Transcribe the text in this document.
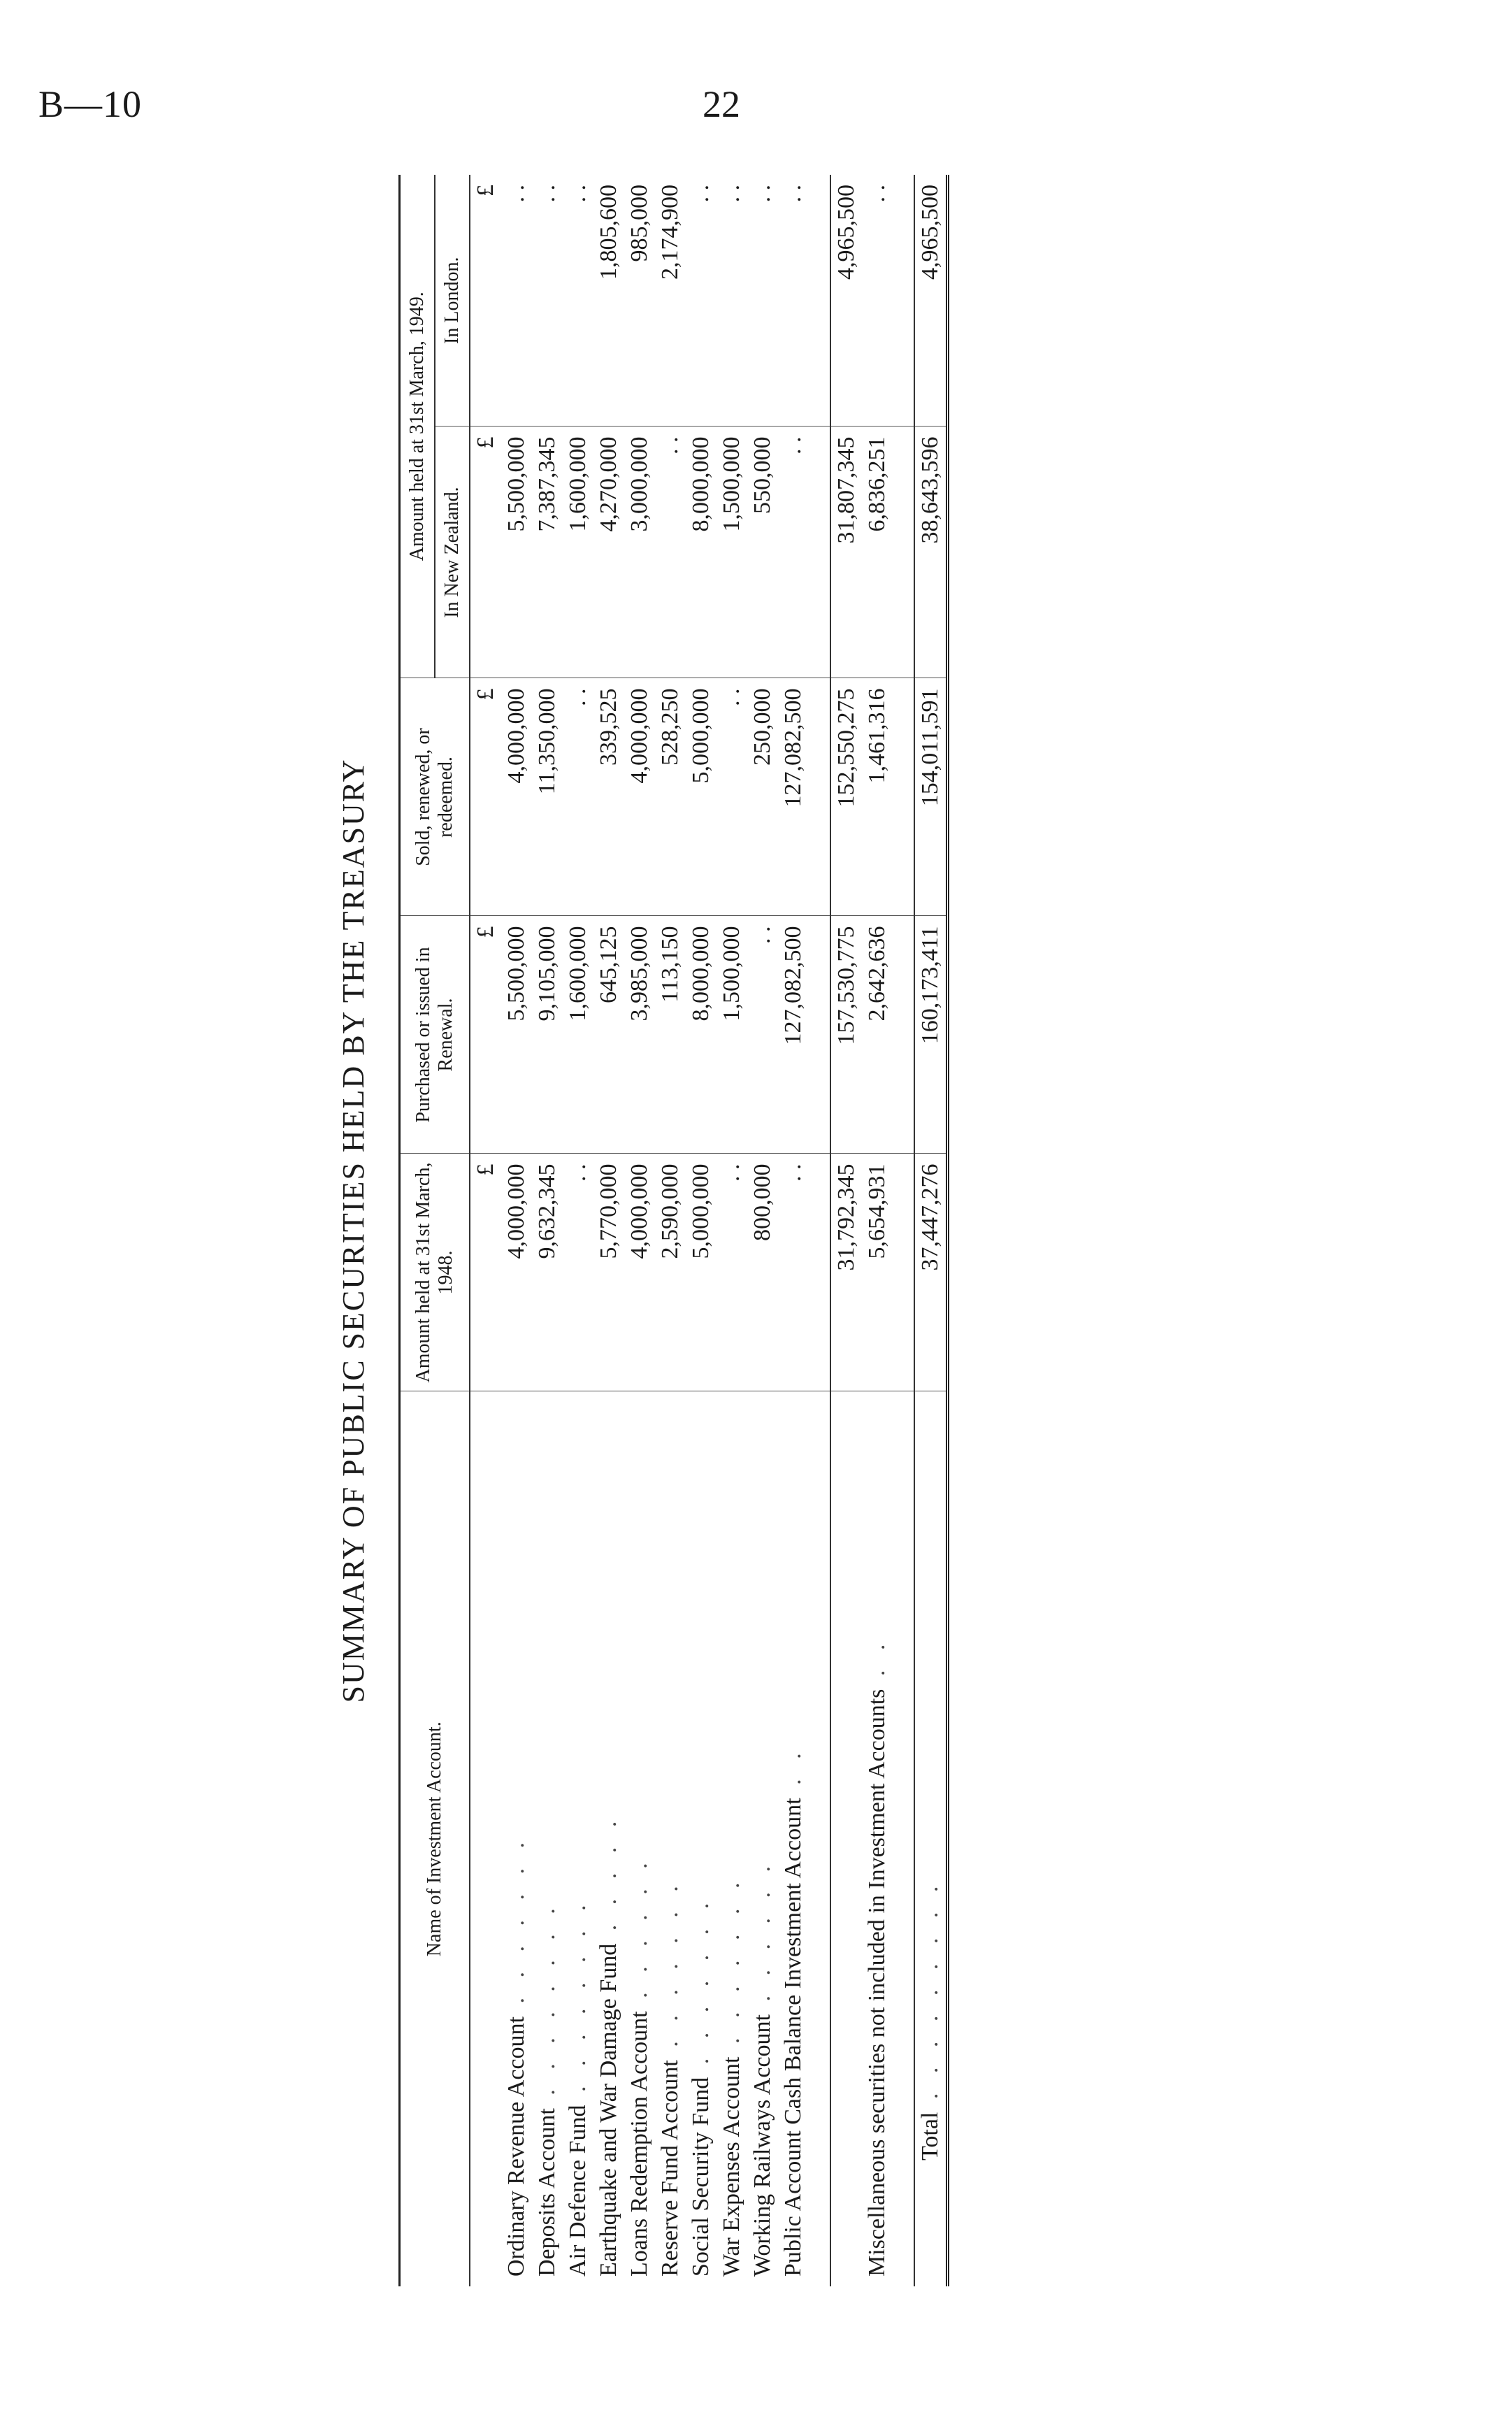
B—10	22
SUMMARY OF PUBLIC SECURITIES HELD BY THE TREASURY
Name of Investment Account.	Amount held at 31st March, 1948.	Purchased or issued in Renewal.	Sold, renewed, or redeemed.	Amount held at 31st March, 1949.	
				In New Zealand.	In London.
	£	£	£	£	£
Ordinary Revenue Account . . . . . . .	4,000,000	5,500,000	4,000,000	5,500,000	. .
Deposits Account . . . . . . . .	9,632,345	9,105,000	11,350,000	7,387,345	. .
Air Defence Fund . . . . . . . .	. .	1,600,000	. .	1,600,000	. .
Earthquake and War Damage Fund . . . . .	5,770,000	645,125	339,525	4,270,000	1,805,600
Loans Redemption Account . . . . . .	4,000,000	3,985,000	4,000,000	3,000,000	985,000
Reserve Fund Account . . . . . . .	2,590,000	113,150	528,250	. .	2,174,900
Social Security Fund . . . . . . .	5,000,000	8,000,000	5,000,000	8,000,000	. .
War Expenses Account . . . . . . .	. .	1,500,000	. .	1,500,000	. .
Working Railways Account . . . . . .	800,000	. .	250,000	550,000	. .
Public Account Cash Balance Investment Account . .	. .	127,082,500	127,082,500	. .	. .

	31,792,345	157,530,775	152,550,275	31,807,345	4,965,500
Miscellaneous securities not included in Investment Accounts . .	5,654,931	2,642,636	1,461,316	6,836,251	. .

Total . . . . . . . . .	37,447,276	160,173,411	154,011,591	38,643,596	4,965,500
